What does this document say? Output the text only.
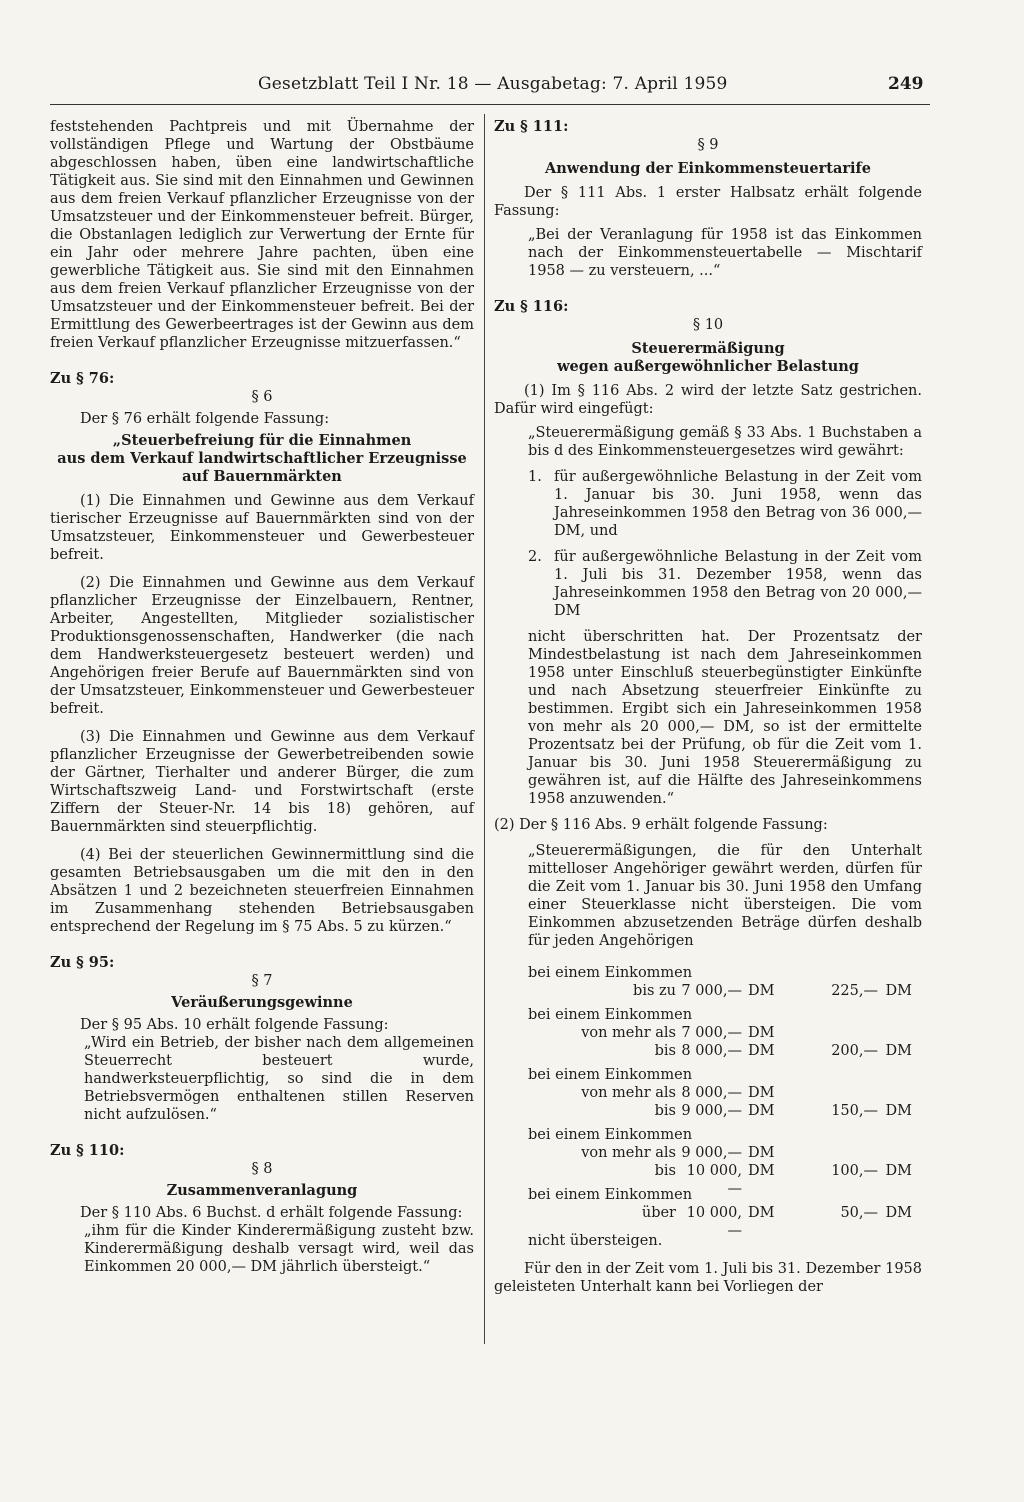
Gesetzblatt Teil I Nr. 18 — Ausgabetag: 7. April 1959	249

feststehenden Pachtpreis und mit Übernahme der vollständigen Pflege und Wartung der Obstbäume abgeschlossen haben, üben eine landwirtschaftliche Tätigkeit aus. Sie sind mit den Einnahmen und Gewinnen aus dem freien Verkauf pflanzlicher Erzeugnisse von der Umsatzsteuer und der Einkommensteuer befreit. Bürger, die Obstanlagen lediglich zur Verwertung der Ernte für ein Jahr oder mehrere Jahre pachten, üben eine gewerbliche Tätigkeit aus. Sie sind mit den Einnahmen aus dem freien Verkauf pflanzlicher Erzeugnisse von der Umsatzsteuer und der Einkommensteuer befreit. Bei der Ermittlung des Gewerbeertrages ist der Gewinn aus dem freien Verkauf pflanzlicher Erzeugnisse mitzuerfassen.“

Zu § 76:

§ 6

Der § 76 erhält folgende Fassung:

„Steuerbefreiung für die Einnahmen

aus dem Verkauf landwirtschaftlicher Erzeugnisse

auf Bauernmärkten

(1) Die Einnahmen und Gewinne aus dem Verkauf tierischer Erzeugnisse auf Bauernmärkten sind von der Umsatzsteuer, Einkommensteuer und Gewerbesteuer befreit.

(2) Die Einnahmen und Gewinne aus dem Verkauf pflanzlicher Erzeugnisse der Einzelbauern, Rentner, Arbeiter, Angestellten, Mitglieder sozialistischer Produktionsgenossenschaften, Handwerker (die nach dem Handwerksteuergesetz besteuert werden) und Angehörigen freier Berufe auf Bauernmärkten sind von der Umsatzsteuer, Einkommensteuer und Gewerbesteuer befreit.

(3) Die Einnahmen und Gewinne aus dem Verkauf pflanzlicher Erzeugnisse der Gewerbetreibenden sowie der Gärtner, Tierhalter und anderer Bürger, die zum Wirtschaftszweig Land- und Forstwirtschaft (erste Ziffern der Steuer-Nr. 14 bis 18) gehören, auf Bauernmärkten sind steuerpflichtig.

(4) Bei der steuerlichen Gewinnermittlung sind die gesamten Betriebsausgaben um die mit den in den Absätzen 1 und 2 bezeichneten steuerfreien Einnahmen im Zusammenhang stehenden Betriebsausgaben entsprechend der Regelung im § 75 Abs. 5 zu kürzen.“

Zu § 95:

§ 7

Veräußerungsgewinne

Der § 95 Abs. 10 erhält folgende Fassung:

„Wird ein Betrieb, der bisher nach dem allgemeinen Steuerrecht besteuert wurde, handwerksteuerpflichtig, so sind die in dem Betriebsvermögen enthaltenen stillen Reserven nicht aufzulösen.“

Zu § 110:

§ 8

Zusammenveranlagung

Der § 110 Abs. 6 Buchst. d erhält folgende Fassung:

„ihm für die Kinder Kinderermäßigung zusteht bzw. Kinderermäßigung deshalb versagt wird, weil das Einkommen 20 000,— DM jährlich übersteigt.“

Zu § 111:

§ 9

Anwendung der Einkommensteuertarife

Der § 111 Abs. 1 erster Halbsatz erhält folgende Fassung:

„Bei der Veranlagung für 1958 ist das Einkommen nach der Einkommensteuertabelle — Mischtarif 1958 — zu versteuern, ...“

Zu § 116:

§ 10

Steuerermäßigung

wegen außergewöhnlicher Belastung

(1) Im § 116 Abs. 2 wird der letzte Satz gestrichen. Dafür wird eingefügt:

„Steuerermäßigung gemäß § 33 Abs. 1 Buchstaben a bis d des Einkommensteuergesetzes wird gewährt:

1. für außergewöhnliche Belastung in der Zeit vom 1. Januar bis 30. Juni 1958, wenn das Jahreseinkommen 1958 den Betrag von 36 000,— DM, und
2. für außergewöhnliche Belastung in der Zeit vom 1. Juli bis 31. Dezember 1958, wenn das Jahreseinkommen 1958 den Betrag von 20 000,— DM

nicht überschritten hat. Der Prozentsatz der Mindestbelastung ist nach dem Jahreseinkommen 1958 unter Einschluß steuerbegünstigter Einkünfte und nach Absetzung steuerfreier Einkünfte zu bestimmen. Ergibt sich ein Jahreseinkommen 1958 von mehr als 20 000,— DM, so ist der ermittelte Prozentsatz bei der Prüfung, ob für die Zeit vom 1. Januar bis 30. Juni 1958 Steuerermäßigung zu gewähren ist, auf die Hälfte des Jahreseinkommens 1958 anzuwenden.“

(2) Der § 116 Abs. 9 erhält folgende Fassung:

„Steuerermäßigungen, die für den Unterhalt mittelloser Angehöriger gewährt werden, dürfen für die Zeit vom 1. Januar bis 30. Juni 1958 den Umfang einer Steuerklasse nicht übersteigen. Die vom Einkommen abzusetzenden Beträge dürfen deshalb für jeden Angehörigen

bei einem Einkommen
bis zu 7 000,— DM	225,— DM
bei einem Einkommen
von mehr als 7 000,— DM
bis 8 000,— DM	200,— DM
bei einem Einkommen
von mehr als 8 000,— DM
bis 9 000,— DM	150,— DM
bei einem Einkommen
von mehr als 9 000,— DM
bis 10 000,—
DM	100,— DM
bei einem Einkommen
über 10 000,—
DM	50,— DM

nicht übersteigen.

Für den in der Zeit vom 1. Juli bis 31. Dezember 1958 geleisteten Unterhalt kann bei Vorliegen der
